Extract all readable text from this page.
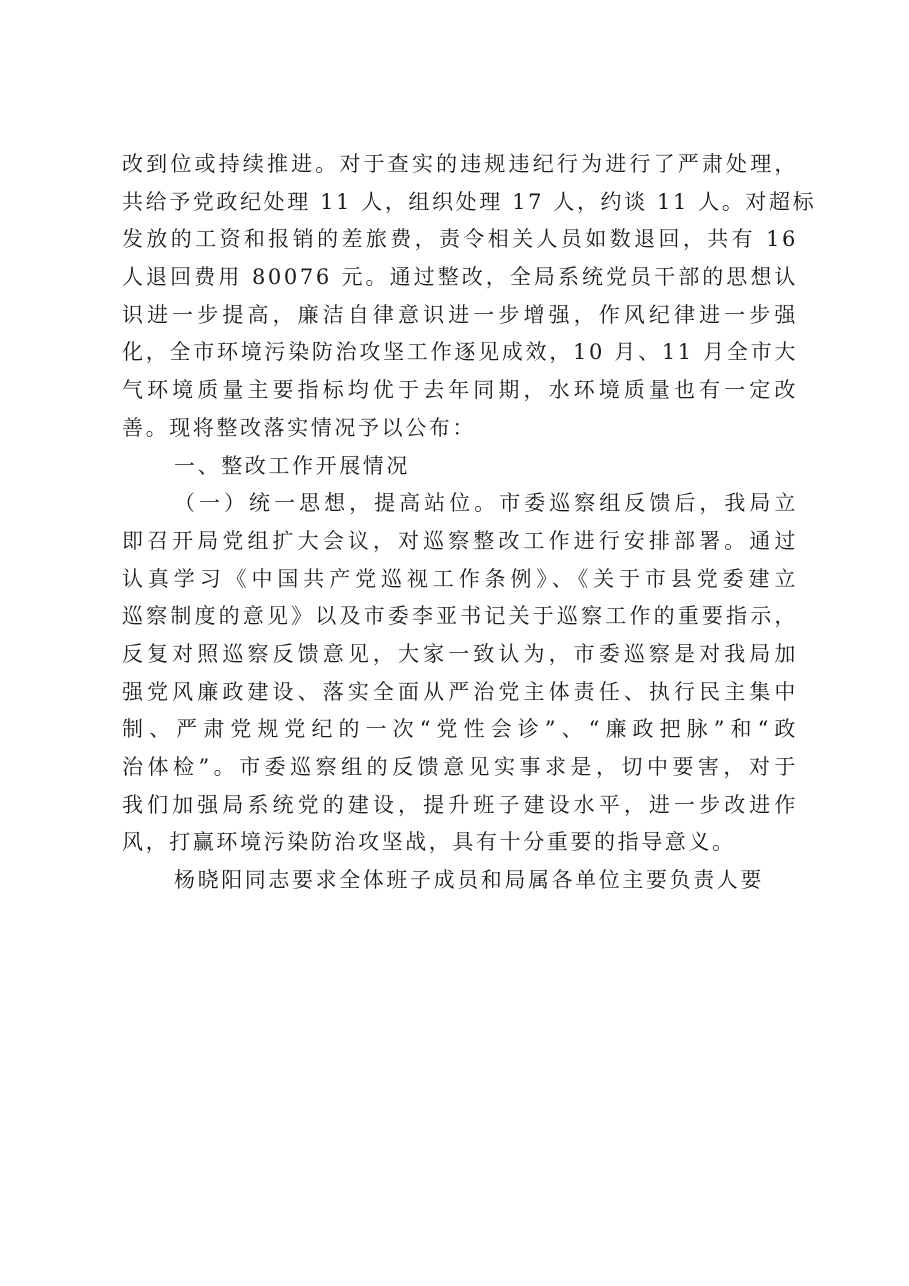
改到位或持续推进。对于查实的违规违纪行为进行了严肃处理，
共给予党政纪处理 11 人，组织处理 17 人，约谈 11 人。对超标
发放的工资和报销的差旅费，责令相关人员如数退回，共有 16
人退回费用 80076 元。通过整改，全局系统党员干部的思想认
识进一步提高，廉洁自律意识进一步增强，作风纪律进一步强
化，全市环境污染防治攻坚工作逐见成效，10 月、11 月全市大
气环境质量主要指标均优于去年同期，水环境质量也有一定改
善。现将整改落实情况予以公布：
一、整改工作开展情况
（一）统一思想，提高站位。市委巡察组反馈后，我局立
即召开局党组扩大会议，对巡察整改工作进行安排部署。通过
认真学习《中国共产党巡视工作条例》、《关于市县党委建立
巡察制度的意见》以及市委李亚书记关于巡察工作的重要指示，
反复对照巡察反馈意见，大家一致认为，市委巡察是对我局加
强党风廉政建设、落实全面从严治党主体责任、执行民主集中
制、严肃党规党纪的一次“党性会诊”、“廉政把脉”和“政
治体检”。市委巡察组的反馈意见实事求是，切中要害，对于
我们加强局系统党的建设，提升班子建设水平，进一步改进作
风，打赢环境污染防治攻坚战，具有十分重要的指导意义。
杨晓阳同志要求全体班子成员和局属各单位主要负责人要
